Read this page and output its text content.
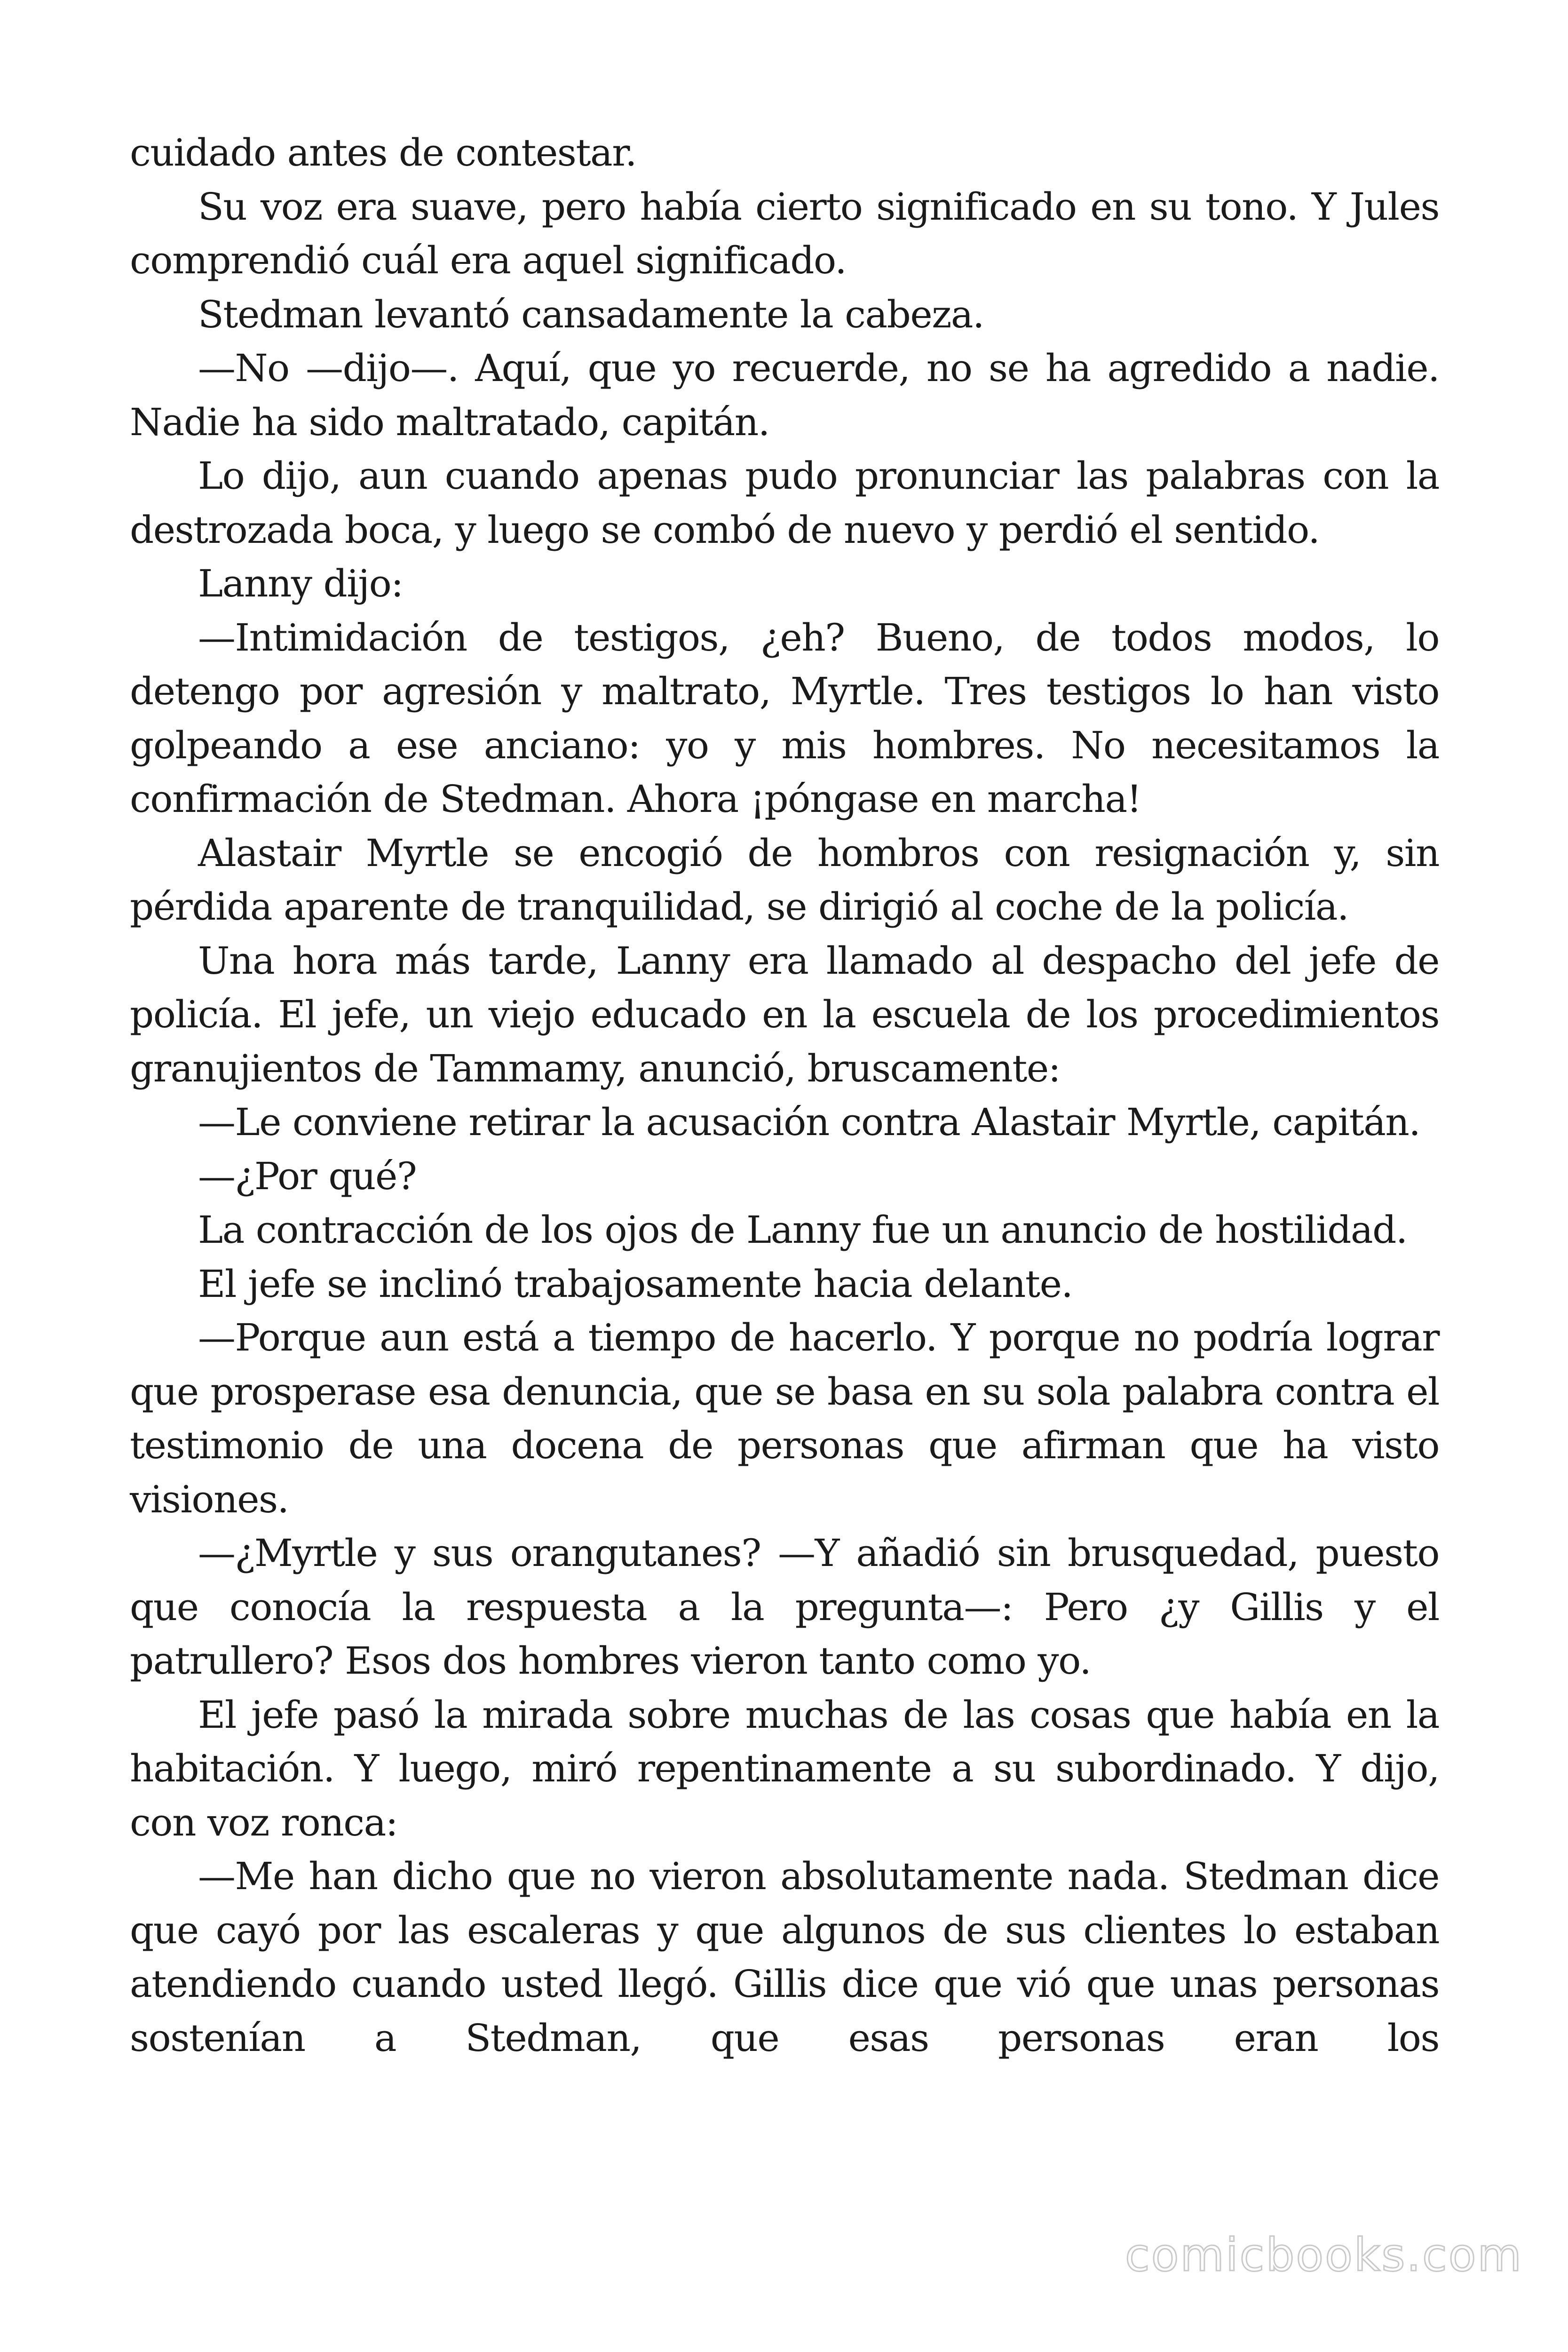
cuidado antes de contestar.

Su voz era suave, pero había cierto significado en su tono. Y Jules comprendió cuál era aquel significado.

Stedman levantó cansadamente la cabeza.

—No —dijo—. Aquí, que yo recuerde, no se ha agredido a nadie. Nadie ha sido maltratado, capitán.

Lo dijo, aun cuando apenas pudo pronunciar las palabras con la destrozada boca, y luego se combó de nuevo y perdió el sentido.

Lanny dijo:

—Intimidación de testigos, ¿eh? Bueno, de todos modos, lo detengo por agresión y maltrato, Myrtle. Tres testigos lo han visto golpeando a ese anciano: yo y mis hombres. No necesitamos la confirmación de Stedman. Ahora ¡póngase en marcha!

Alastair Myrtle se encogió de hombros con resignación y, sin pérdida aparente de tranquilidad, se dirigió al coche de la policía.

Una hora más tarde, Lanny era llamado al despacho del jefe de policía. El jefe, un viejo educado en la escuela de los procedimientos granujientos de Tammamy, anunció, bruscamente:

—Le conviene retirar la acusación contra Alastair Myrtle, capitán.

—¿Por qué?

La contracción de los ojos de Lanny fue un anuncio de hostilidad.

El jefe se inclinó trabajosamente hacia delante.

—Porque aun está a tiempo de hacerlo. Y porque no podría lograr que prosperase esa denuncia, que se basa en su sola palabra contra el testimonio de una docena de personas que afirman que ha visto visiones.

—¿Myrtle y sus orangutanes? —Y añadió sin brusquedad, puesto que conocía la respuesta a la pregunta—: Pero ¿y Gillis y el patrullero? Esos dos hombres vieron tanto como yo.

El jefe pasó la mirada sobre muchas de las cosas que había en la habitación. Y luego, miró repentinamente a su subordinado. Y dijo, con voz ronca:

—Me han dicho que no vieron absolutamente nada. Stedman dice que cayó por las escaleras y que algunos de sus clientes lo estaban atendiendo cuando usted llegó. Gillis dice que vió que unas personas sostenían a Stedman, que esas personas eran los

comicbooks.com
